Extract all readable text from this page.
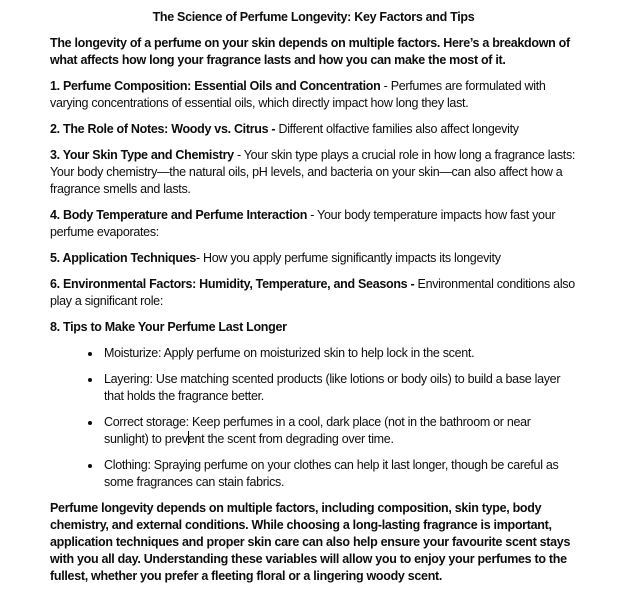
The Science of Perfume Longevity: Key Factors and Tips

The longevity of a perfume on your skin depends on multiple factors. Here’s a breakdown of what affects how long your fragrance lasts and how you can make the most of it.

1. Perfume Composition: Essential Oils and Concentration - Perfumes are formulated with varying concentrations of essential oils, which directly impact how long they last.

2. The Role of Notes: Woody vs. Citrus - Different olfactive families also affect longevity

3. Your Skin Type and Chemistry - Your skin type plays a crucial role in how long a fragrance lasts: Your body chemistry—the natural oils, pH levels, and bacteria on your skin—can also affect how a fragrance smells and lasts.

4. Body Temperature and Perfume Interaction - Your body temperature impacts how fast your perfume evaporates:

5. Application Techniques- How you apply perfume significantly impacts its longevity

6. Environmental Factors: Humidity, Temperature, and Seasons - Environmental conditions also play a significant role:

8. Tips to Make Your Perfume Last Longer

• Moisturize: Apply perfume on moisturized skin to help lock in the scent.
• Layering: Use matching scented products (like lotions or body oils) to build a base layer that holds the fragrance better.
• Correct storage: Keep perfumes in a cool, dark place (not in the bathroom or near sunlight) to prevent the scent from degrading over time.
• Clothing: Spraying perfume on your clothes can help it last longer, though be careful as some fragrances can stain fabrics.

Perfume longevity depends on multiple factors, including composition, skin type, body chemistry, and external conditions. While choosing a long-lasting fragrance is important, application techniques and proper skin care can also help ensure your favourite scent stays with you all day. Understanding these variables will allow you to enjoy your perfumes to the fullest, whether you prefer a fleeting floral or a lingering woody scent.
